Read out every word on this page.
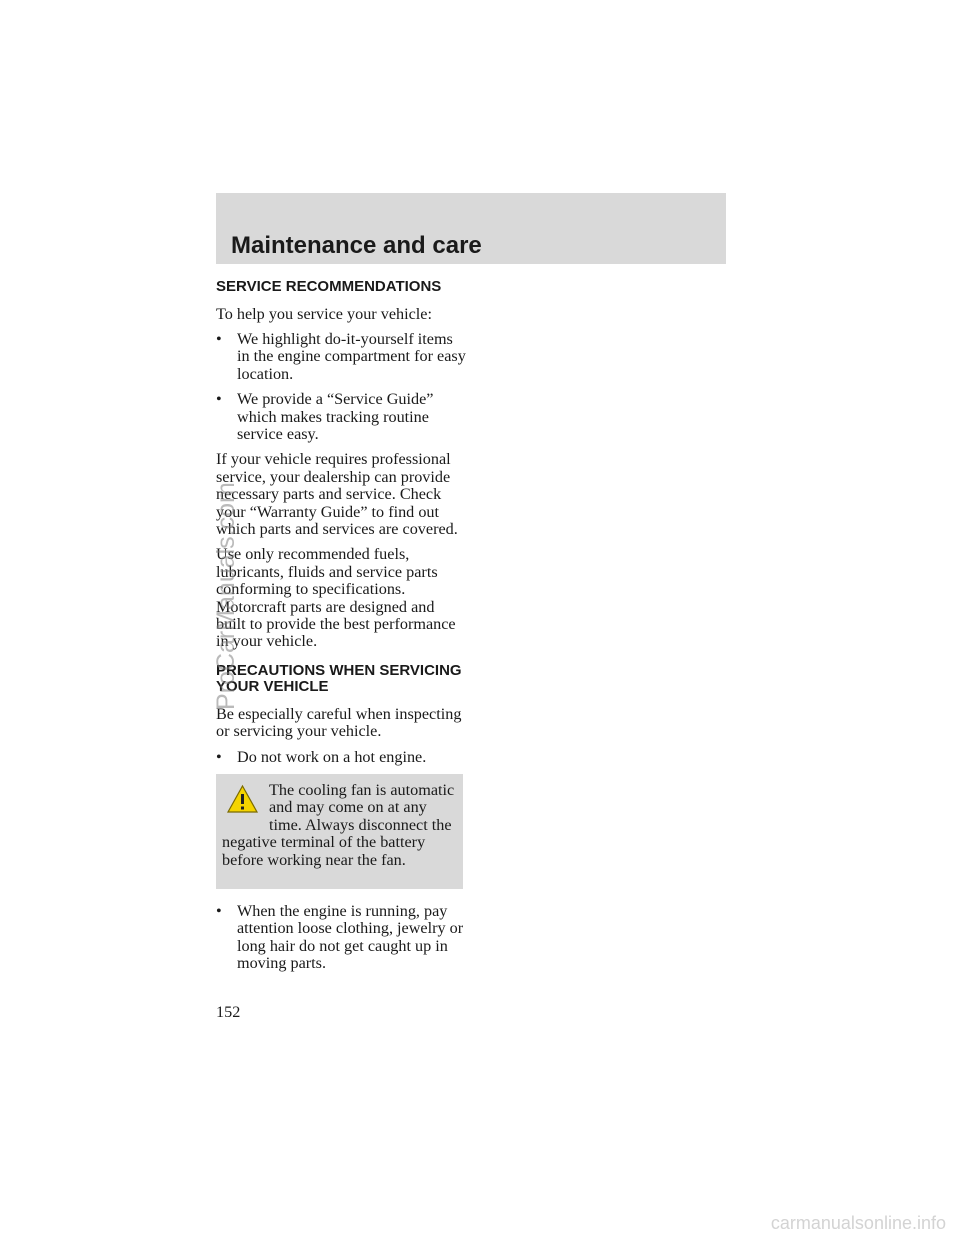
Maintenance and care
SERVICE RECOMMENDATIONS

To help you service your vehicle:

• We highlight do-it-yourself items in the engine compartment for easy location.
• We provide a “Service Guide” which makes tracking routine service easy.

If your vehicle requires professional service, your dealership can provide necessary parts and service. Check your “Warranty Guide” to find out which parts and services are covered.

Use only recommended fuels, lubricants, fluids and service parts conforming to specifications. Motorcraft parts are designed and built to provide the best performance in your vehicle.

PRECAUTIONS WHEN SERVICING YOUR VEHICLE

Be especially careful when inspecting or servicing your vehicle.

• Do not work on a hot engine.
The cooling fan is automatic and may come on at any time. Always disconnect the negative terminal of the battery before working near the fan.
• When the engine is running, pay attention loose clothing, jewelry or long hair do not get caught up in moving parts.
152
ProCarManuals.com
carmanualsonline.info
